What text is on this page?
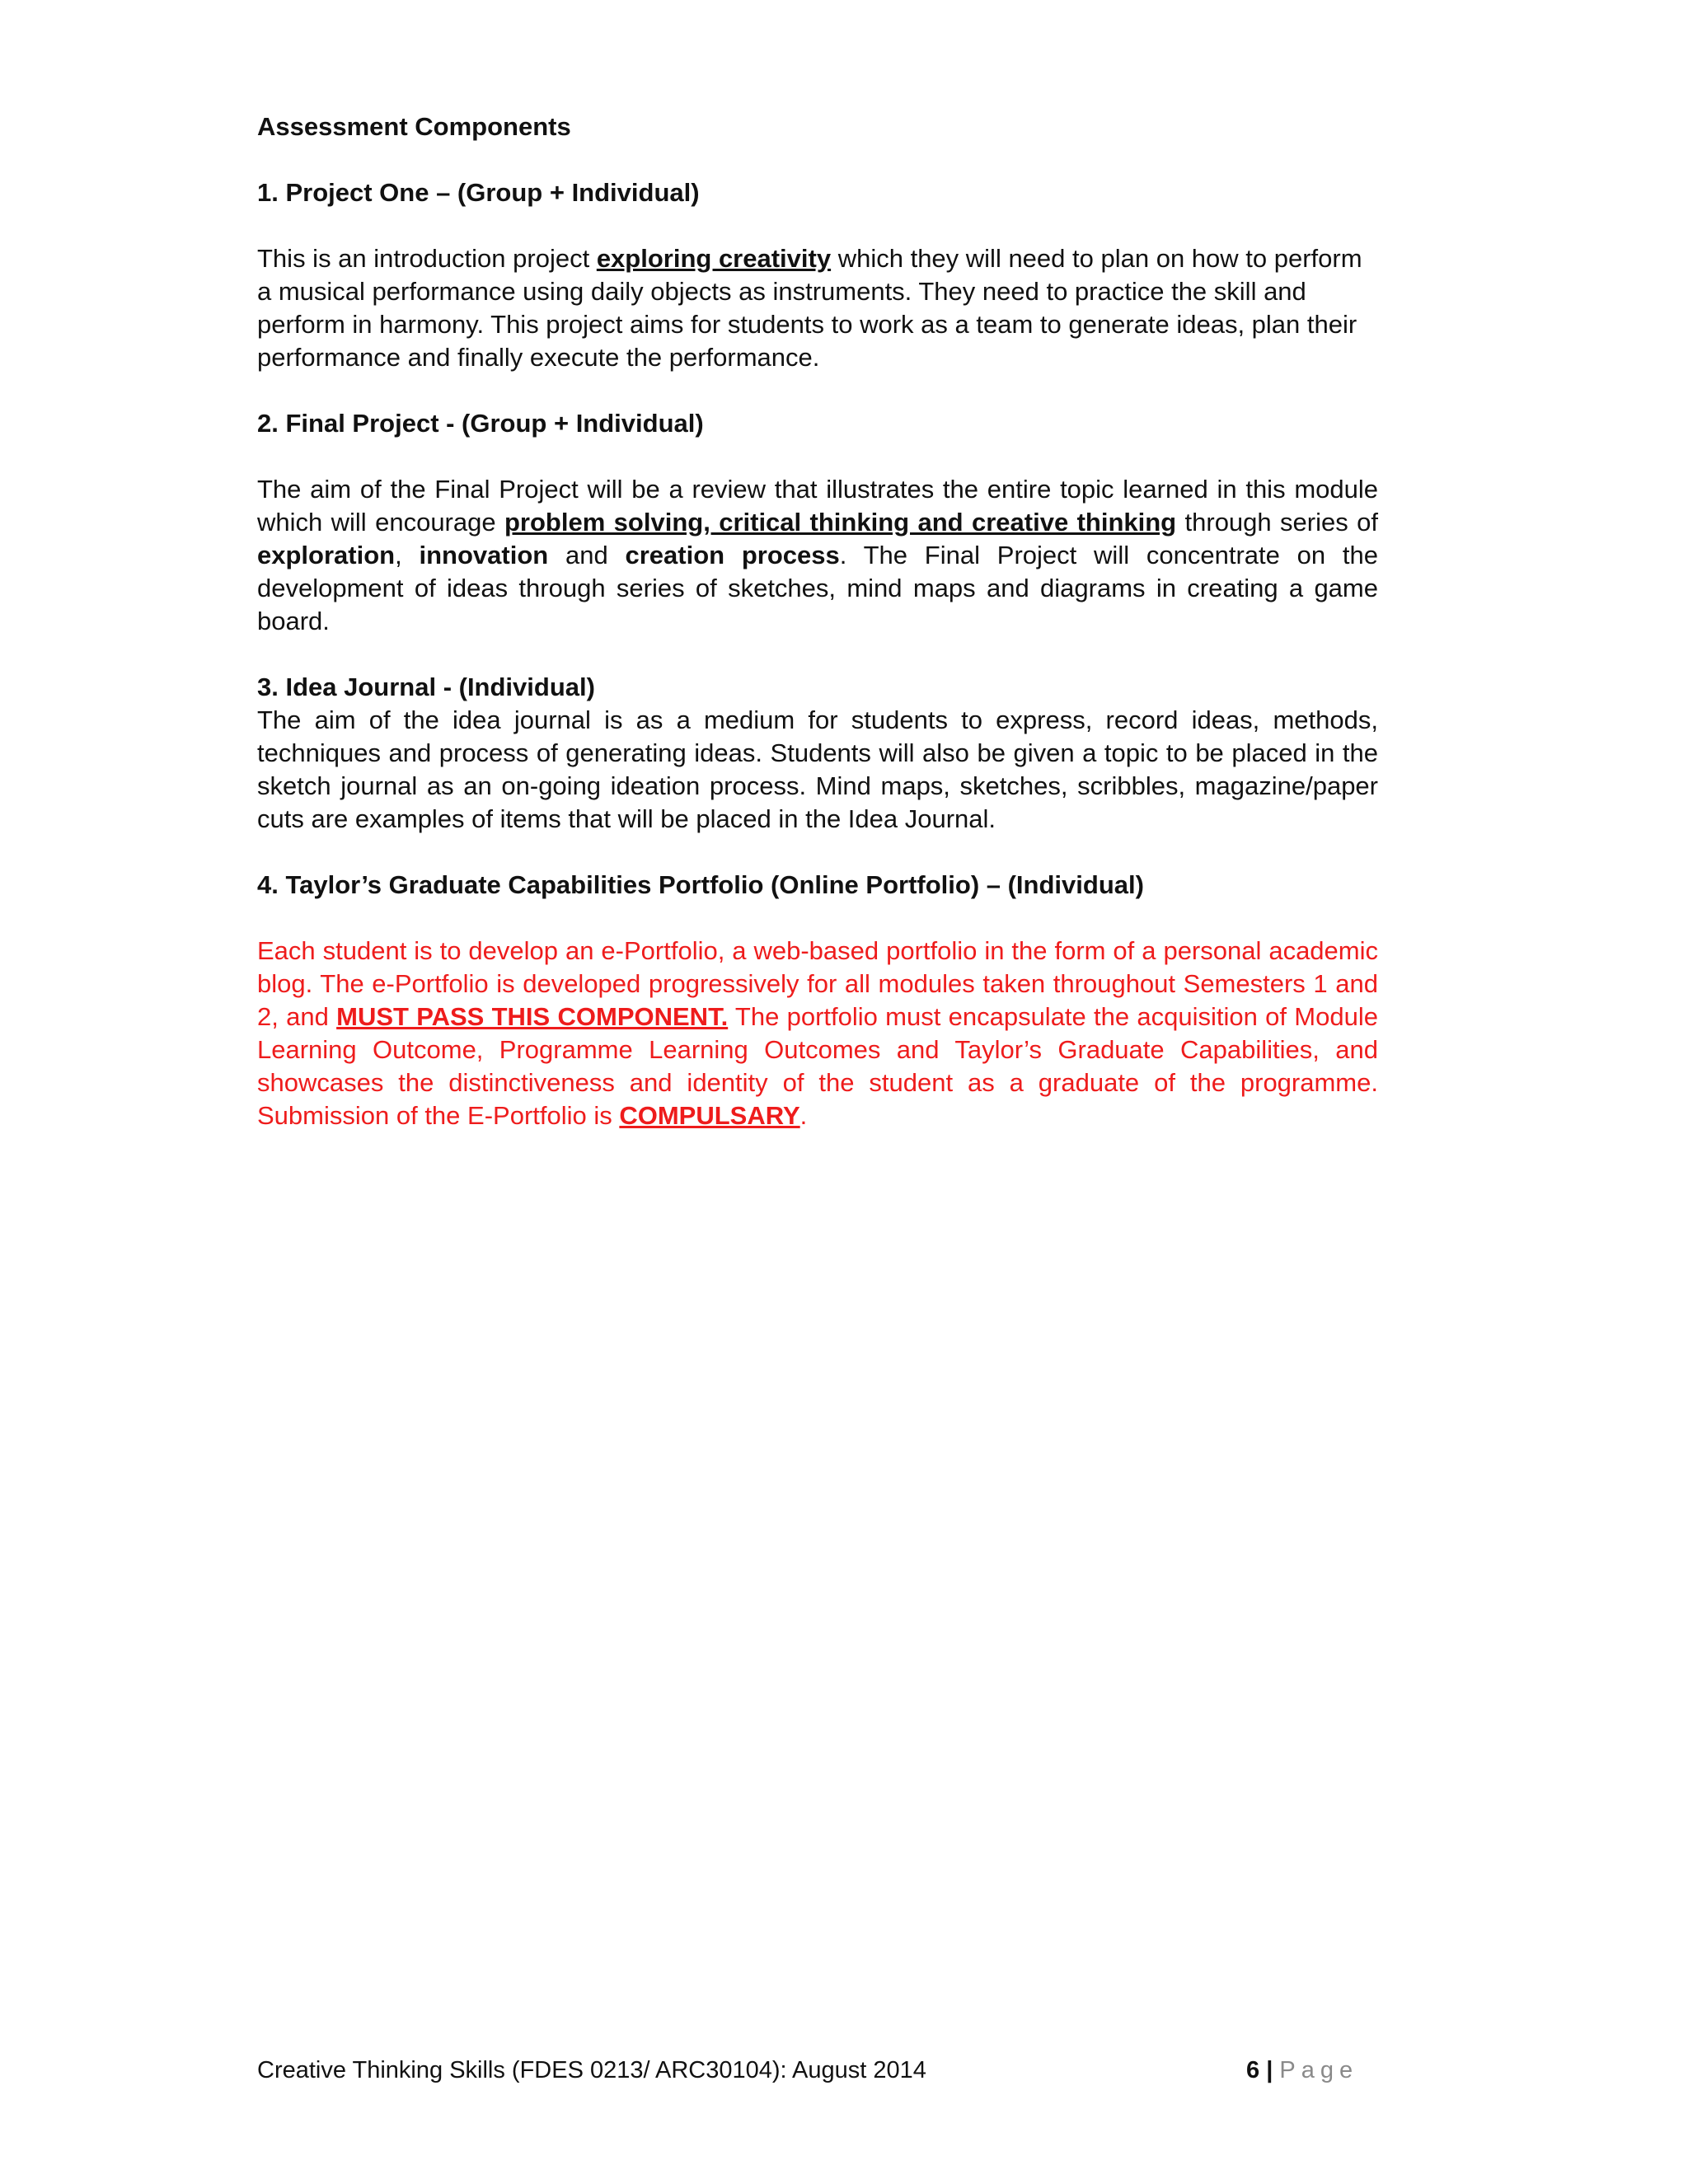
Assessment Components

1. Project One – (Group + Individual)

This is an introduction project exploring creativity which they will need to plan on how to perform a musical performance using daily objects as instruments. They need to practice the skill and perform in harmony. This project aims for students to work as a team to generate ideas, plan their performance and finally execute the performance.

2. Final Project - (Group + Individual)

The aim of the Final Project will be a review that illustrates the entire topic learned in this module which will encourage problem solving, critical thinking and creative thinking through series of exploration, innovation and creation process. The Final Project will concentrate on the development of ideas through series of sketches, mind maps and diagrams in creating a game board.

3. Idea Journal - (Individual)

The aim of the idea journal is as a medium for students to express, record ideas, methods, techniques and process of generating ideas. Students will also be given a topic to be placed in the sketch journal as an on-going ideation process. Mind maps, sketches, scribbles, magazine/paper cuts are examples of items that will be placed in the Idea Journal.

4. Taylor’s Graduate Capabilities Portfolio (Online Portfolio) – (Individual)

Each student is to develop an e-Portfolio, a web-based portfolio in the form of a personal academic blog. The e-Portfolio is developed progressively for all modules taken throughout Semesters 1 and 2, and MUST PASS THIS COMPONENT. The portfolio must encapsulate the acquisition of Module Learning Outcome, Programme Learning Outcomes and Taylor’s Graduate Capabilities, and showcases the distinctiveness and identity of the student as a graduate of the programme. Submission of the E-Portfolio is COMPULSARY.

Creative Thinking Skills (FDES 0213/ ARC30104): August 2014	6 | Page
